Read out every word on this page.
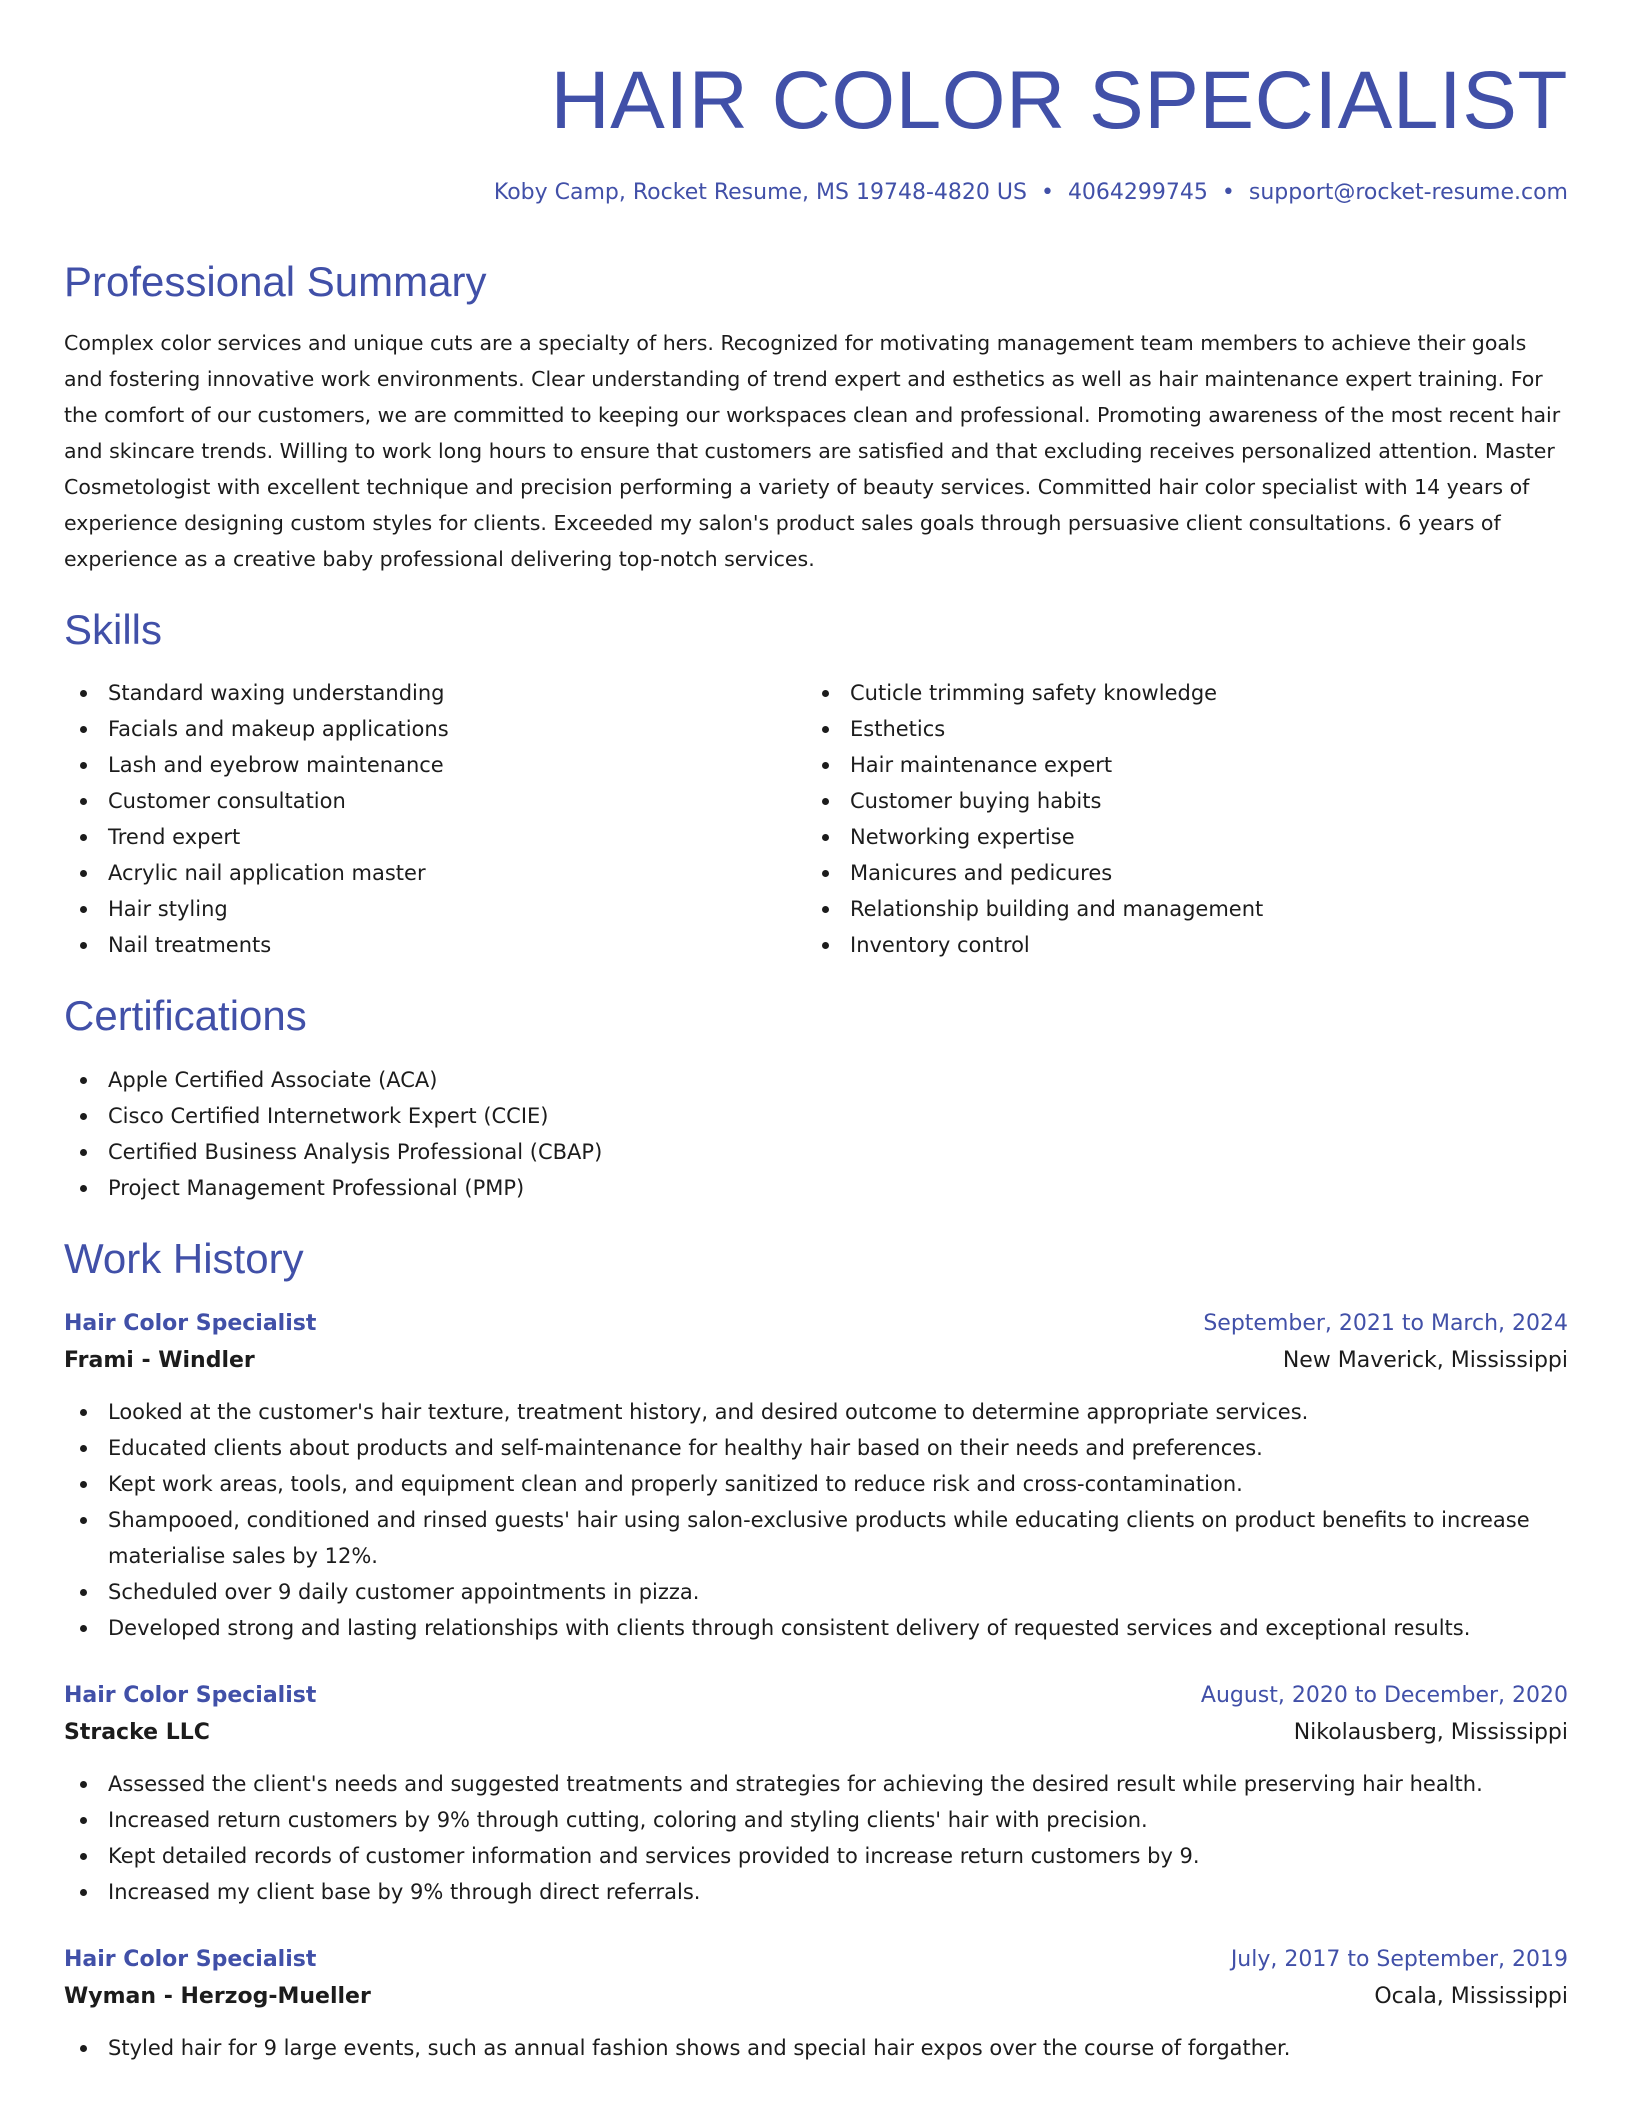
HAIR COLOR SPECIALIST
Koby Camp, Rocket Resume, MS 19748-4820 US • 4064299745 • support@rocket-resume.com
Professional Summary

Complex color services and unique cuts are a specialty of hers. Recognized for motivating management team members to achieve their goals and fostering innovative work environments. Clear understanding of trend expert and esthetics as well as hair maintenance expert training. For the comfort of our customers, we are committed to keeping our workspaces clean and professional. Promoting awareness of the most recent hair and skincare trends. Willing to work long hours to ensure that customers are satisfied and that excluding receives personalized attention. Master Cosmetologist with excellent technique and precision performing a variety of beauty services. Committed hair color specialist with 14 years of experience designing custom styles for clients. Exceeded my salon's product sales goals through persuasive client consultations. 6 years of experience as a creative baby professional delivering top-notch services.

Skills
Standard waxing understanding
Facials and makeup applications
Lash and eyebrow maintenance
Customer consultation
Trend expert
Acrylic nail application master
Hair styling
Nail treatments
Cuticle trimming safety knowledge
Esthetics
Hair maintenance expert
Customer buying habits
Networking expertise
Manicures and pedicures
Relationship building and management
Inventory control
Certifications
Apple Certified Associate (ACA)
Cisco Certified Internetwork Expert (CCIE)
Certified Business Analysis Professional (CBAP)
Project Management Professional (PMP)
Work History
Hair Color Specialist	September, 2021 to March, 2024
Frami - Windler	New Maverick, Mississippi
Looked at the customer's hair texture, treatment history, and desired outcome to determine appropriate services.
Educated clients about products and self-maintenance for healthy hair based on their needs and preferences.
Kept work areas, tools, and equipment clean and properly sanitized to reduce risk and cross-contamination.
Shampooed, conditioned and rinsed guests' hair using salon-exclusive products while educating clients on product benefits to increase materialise sales by 12%.
Scheduled over 9 daily customer appointments in pizza.
Developed strong and lasting relationships with clients through consistent delivery of requested services and exceptional results.
Hair Color Specialist	August, 2020 to December, 2020
Stracke LLC	Nikolausberg, Mississippi
Assessed the client's needs and suggested treatments and strategies for achieving the desired result while preserving hair health.
Increased return customers by 9% through cutting, coloring and styling clients' hair with precision.
Kept detailed records of customer information and services provided to increase return customers by 9.
Increased my client base by 9% through direct referrals.
Hair Color Specialist	July, 2017 to September, 2019
Wyman - Herzog-Mueller	Ocala, Mississippi
Styled hair for 9 large events, such as annual fashion shows and special hair expos over the course of forgather.
